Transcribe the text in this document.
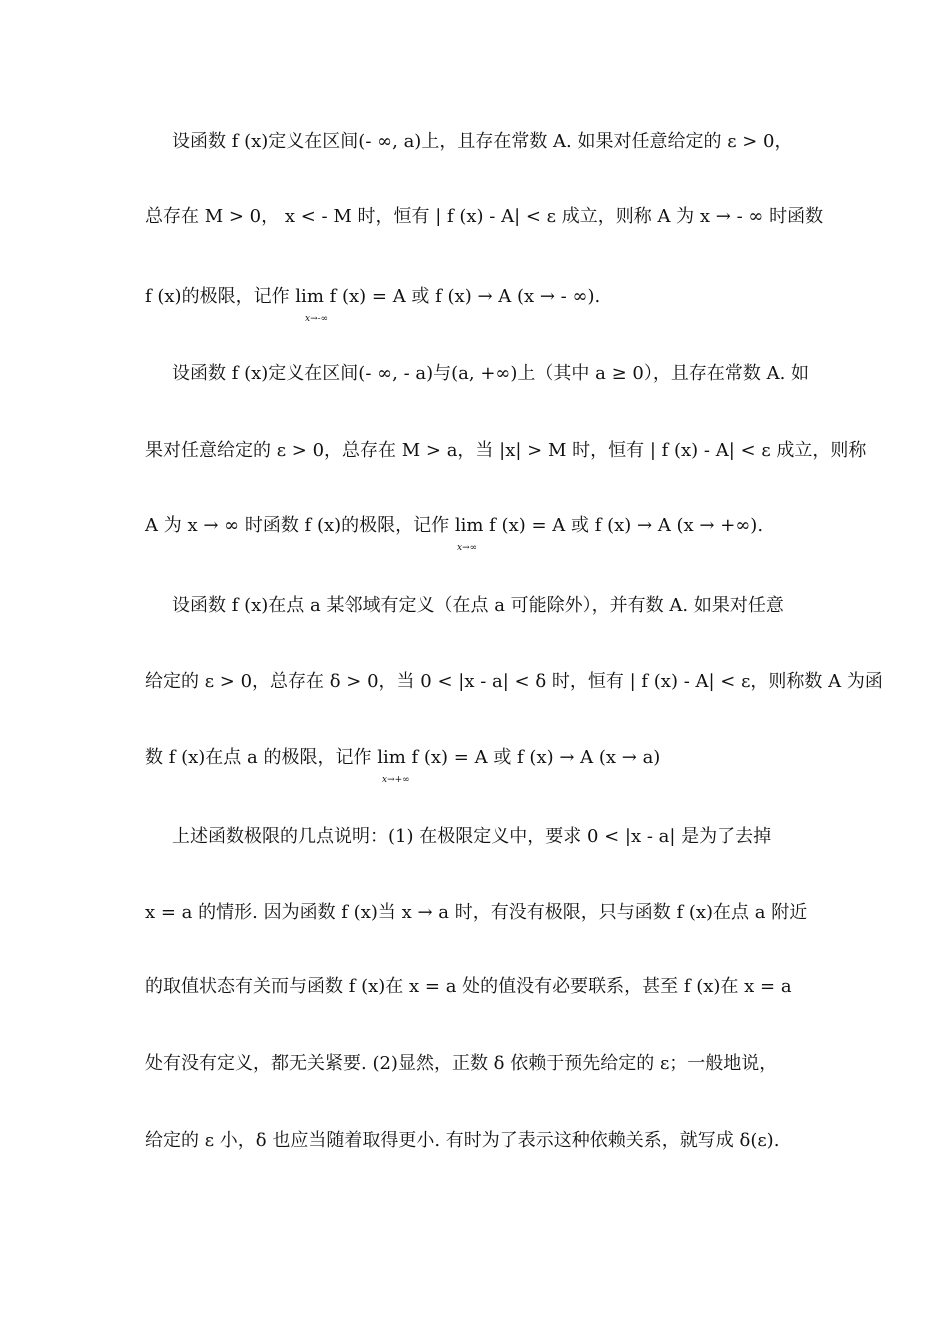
设函数 f (x)定义在区间(- ∞, a)上，且存在常数 A. 如果对任意给定的 ε > 0，
总存在 M > 0， x < - M 时，恒有 | f (x) - A| < ε 成立，则称 A 为 x → - ∞ 时函数
f (x)的极限，记作 lim f (x) = A 或 f (x) → A (x → - ∞).
x→-∞
设函数 f (x)定义在区间(- ∞, - a)与(a, +∞)上（其中 a ≥ 0），且存在常数 A. 如
果对任意给定的 ε > 0，总存在 M > a，当 |x| > M 时，恒有 | f (x) - A| < ε 成立，则称
A 为 x → ∞ 时函数 f (x)的极限，记作 lim f (x) = A 或 f (x) → A (x → +∞).
x→∞
设函数 f (x)在点 a 某邻域有定义（在点 a 可能除外），并有数 A. 如果对任意
给定的 ε > 0，总存在 δ > 0，当 0 < |x - a| < δ 时，恒有 | f (x) - A| < ε，则称数 A 为函
数 f (x)在点 a 的极限，记作 lim f (x) = A 或 f (x) → A (x → a)
x→+∞
上述函数极限的几点说明：(1) 在极限定义中，要求 0 < |x - a| 是为了去掉
x = a 的情形. 因为函数 f (x)当 x → a 时，有没有极限，只与函数 f (x)在点 a 附近
的取值状态有关而与函数 f (x)在 x = a 处的值没有必要联系，甚至 f (x)在 x = a
处有没有定义，都无关紧要. (2)显然，正数 δ 依赖于预先给定的 ε；一般地说，
给定的 ε 小，δ 也应当随着取得更小. 有时为了表示这种依赖关系，就写成 δ(ε).
